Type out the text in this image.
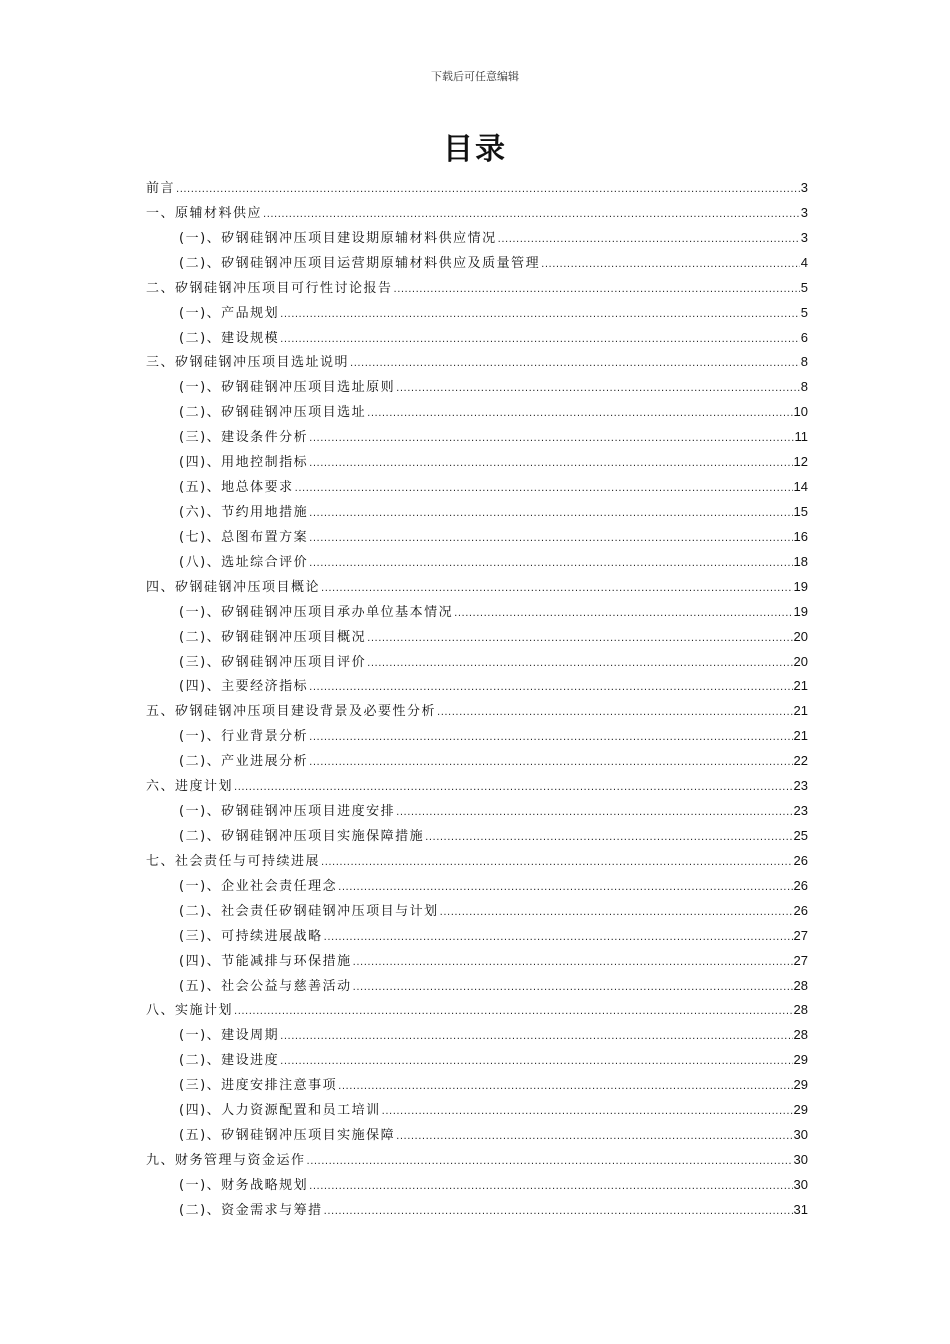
下载后可任意编辑
目录
前言 .....	3
一、原辅材料供应 .....	3
(一)、矽钢硅钢冲压项目建设期原辅材料供应情况 .....	3
(二)、矽钢硅钢冲压项目运营期原辅材料供应及质量管理 .....	4
二、矽钢硅钢冲压项目可行性讨论报告 .....	5
(一)、产品规划 .....	5
(二)、建设规模 .....	6
三、矽钢硅钢冲压项目选址说明 .....	8
(一)、矽钢硅钢冲压项目选址原则 .....	8
(二)、矽钢硅钢冲压项目选址 .....	10
(三)、建设条件分析 .....	11
(四)、用地控制指标 .....	12
(五)、地总体要求 .....	14
(六)、节约用地措施 .....	15
(七)、总图布置方案 .....	16
(八)、选址综合评价 .....	18
四、矽钢硅钢冲压项目概论 .....	19
(一)、矽钢硅钢冲压项目承办单位基本情况 .....	19
(二)、矽钢硅钢冲压项目概况 .....	20
(三)、矽钢硅钢冲压项目评价 .....	20
(四)、主要经济指标 .....	21
五、矽钢硅钢冲压项目建设背景及必要性分析 .....	21
(一)、行业背景分析 .....	21
(二)、产业进展分析 .....	22
六、进度计划 .....	23
(一)、矽钢硅钢冲压项目进度安排 .....	23
(二)、矽钢硅钢冲压项目实施保障措施 .....	25
七、社会责任与可持续进展 .....	26
(一)、企业社会责任理念 .....	26
(二)、社会责任矽钢硅钢冲压项目与计划 .....	26
(三)、可持续进展战略 .....	27
(四)、节能减排与环保措施 .....	27
(五)、社会公益与慈善活动 .....	28
八、实施计划 .....	28
(一)、建设周期 .....	28
(二)、建设进度 .....	29
(三)、进度安排注意事项 .....	29
(四)、人力资源配置和员工培训 .....	29
(五)、矽钢硅钢冲压项目实施保障 .....	30
九、财务管理与资金运作 .....	30
(一)、财务战略规划 .....	30
(二)、资金需求与筹措 .....	31
